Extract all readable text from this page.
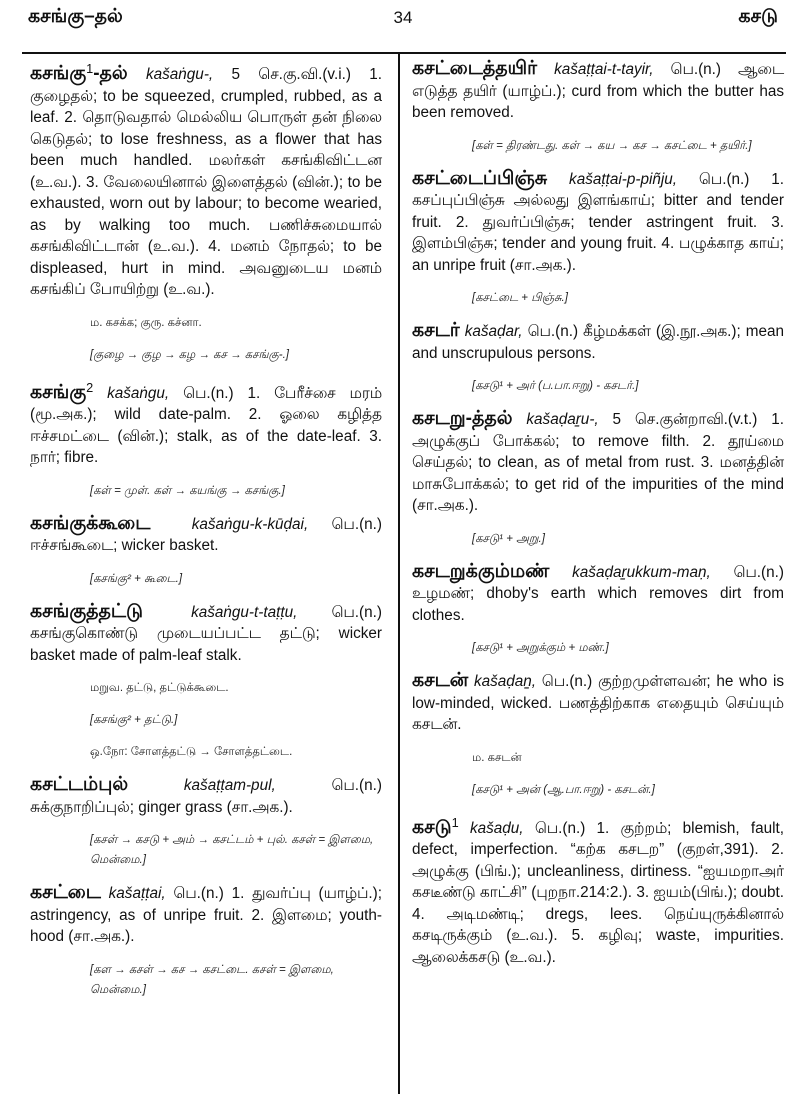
கசங்கு–தல்	34	கசடு
கசங்கு$^1$-தல் kašaṅgu-, 5 செ.கு.வி.(v.i.) 1. குழைதல்; to be squeezed, crumpled, rubbed, as a leaf. 2. தொடுவதால் மெல்லிய பொருள் தன் நிலை கெடுதல்; to lose freshness, as a flower that has been much handled. மலர்கள் கசங்கிவிட்டன (உ.வ.). 3. வேலையினால் இளைத்தல் (வின்.); to be exhausted, worn out by labour; to become wearied, as by walking too much. பணிச்சுமையால் கசங்கிவிட்டான் (உ.வ.). 4. மனம் நோதல்; to be displeased, hurt in mind. அவனுடைய மனம் கசங்கிப் போயிற்று (உ.வ.).
ம. கசக்க; குரு. கச்னா.
[குழை → குழ → கழ → கச → கசங்கு-.]
கசங்கு$^2$ kašaṅgu, பெ.(n.) 1. பேரீச்சை மரம் (மூ.அக.); wild date-palm. 2. ஓலை கழித்த ஈச்சமட்டை (வின்.); stalk, as of the date-leaf. 3. நார்; fibre.
[கள் = முள். கள் → கயங்கு → கசங்கு.]
கசங்குக்கூடை	kašaṅgu-k-kūḍai, பெ.(n.) ஈச்சங்கூடை; wicker basket.
[கசங்கு² + கூடை.]
கசங்குத்தட்டு	kašaṅgu-t-taṭṭu, பெ.(n.) கசங்குகொண்டு முடையப்பட்ட தட்டு; wicker basket made of palm-leaf stalk.
மறுவ. தட்டு, தட்டுக்கூடை.
[கசங்கு² + தட்டு.]
ஒ.நோ: சோளத்தட்டு → சோளத்தட்டை.
கசட்டம்புல்	kašaṭṭam-pul,	பெ.(n.) சுக்குநாறிப்புல்; ginger grass (சா.அக.).
[கசள் → கசடு + அம் → கசட்டம் + புல். கசள் = இளமை, மென்மை.]
கசட்டை kašaṭṭai, பெ.(n.) 1. துவர்ப்பு (யாழ்ப்.); astringency, as of unripe fruit. 2. இளமை; youth-hood (சா.அக.).
[கள → கசள் → கச → கசட்டை. கசள் = இளமை, மென்மை.]
கசட்டைத்தயிர் kašaṭṭai-t-tayir, பெ.(n.) ஆடை எடுத்த தயிர் (யாழ்ப்.); curd from which the butter has been removed.
[கள் = திரண்டது. கள் → கய → கச → கசட்டை + தயிர்.]
கசட்டைப்பிஞ்சு kašaṭṭai-p-piñju, பெ.(n.) 1. கசப்புப்பிஞ்சு அல்லது இளங்காய்; bitter and tender fruit. 2. துவர்ப்பிஞ்சு; tender astringent fruit. 3. இளம்பிஞ்சு; tender and young fruit. 4. பழுக்காத காய்; an unripe fruit (சா.அக.).
[கசட்டை + பிஞ்சு.]
கசடர் kašaḍar, பெ.(n.) கீழ்மக்கள் (இ.நூ.அக.); mean and unscrupulous persons.
[கசடு¹ + அர் (ப.பா.ஈறு) - கசடர்.]
கசடறு-த்தல் kašaḍaṟu-, 5 செ.குன்றாவி.(v.t.) 1. அழுக்குப் போக்கல்; to remove filth. 2. தூய்மை செய்தல்; to clean, as of metal from rust. 3. மனத்தின் மாசுபோக்கல்; to get rid of the impurities of the mind (சா.அக.).
[கசடு¹ + அறு.]
கசடறுக்கும்மண் kašaḍaṟukkum-maṇ, பெ.(n.) உழமண்; dhoby's earth which removes dirt from clothes.
[கசடு¹ + அறுக்கும் + மண்.]
கசடன் kašaḍaṉ, பெ.(n.) குற்றமுள்ளவன்; he who is low-minded, wicked. பணத்திற்காக எதையும் செய்யும் கசடன்.
ம. கசடன்
[கசடு¹ + அன் (ஆ.பா.ஈறு) - கசடன்.]
கசடு$^1$ kašaḍu, பெ.(n.) 1. குற்றம்; blemish, fault, defect, imperfection. “கற்க கசடற” (குறள்,391). 2. அழுக்கு (பிங்.); uncleanliness, dirtiness. “ஐயமறாஅர் கசடீண்டு காட்சி” (புறநா.214:2.). 3. ஐயம்(பிங்.); doubt. 4. அடிமண்டி; dregs, lees. நெய்யுருக்கினால் கசடிருக்கும் (உ.வ.). 5. கழிவு; waste, impurities. ஆலைக்கசடு (உ.வ.).
